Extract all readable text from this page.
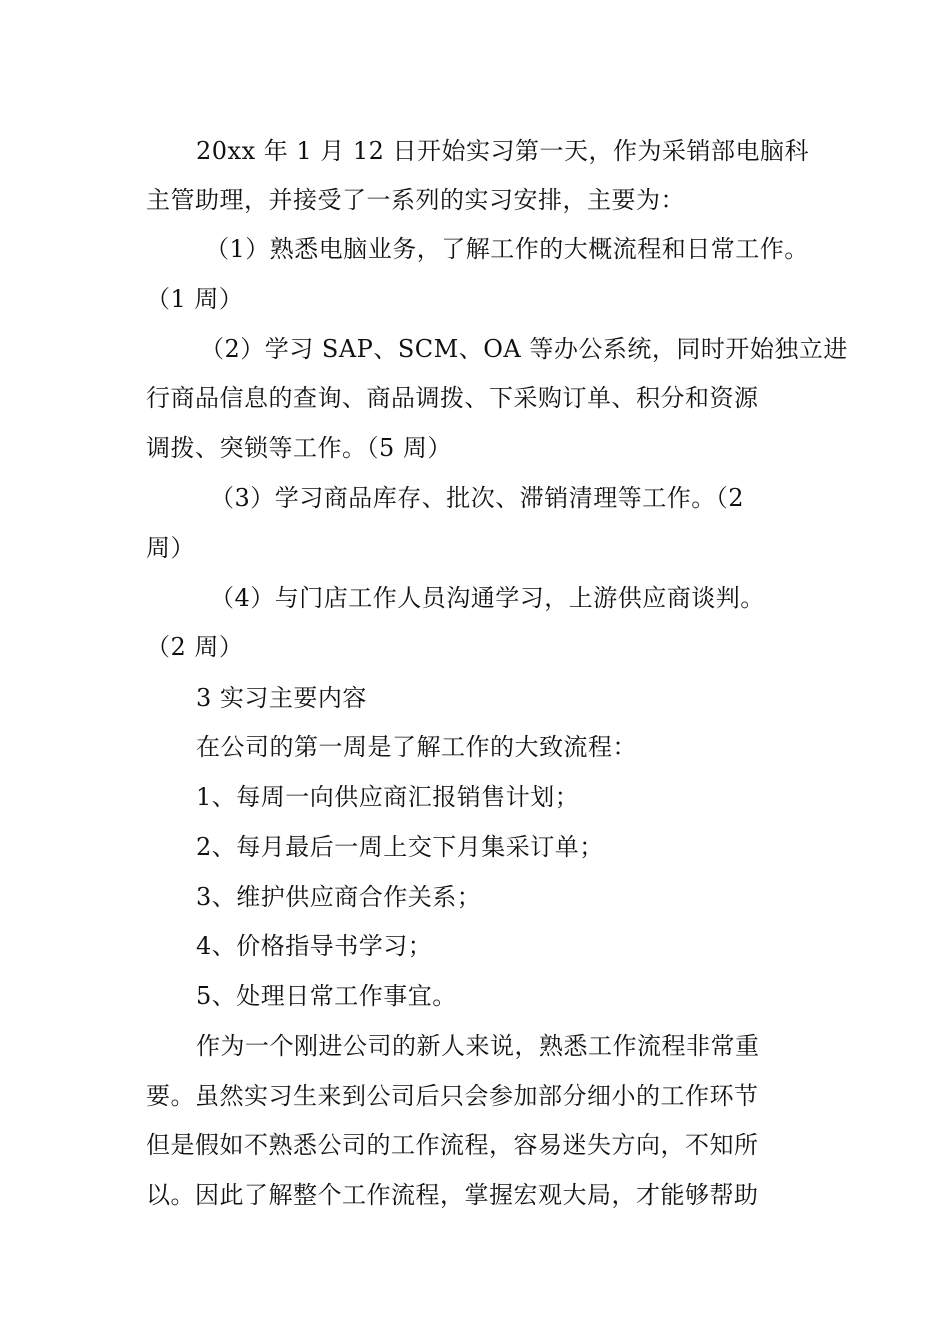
20xx 年 1 月 12 日开始实习第一天，作为采销部电脑科
主管助理，并接受了一系列的实习安排，主要为：
（1）熟悉电脑业务，了解工作的大概流程和日常工作。
（1 周）
（2）学习 SAP、SCM、OA 等办公系统，同时开始独立进
行商品信息的查询、商品调拨、下采购订单、积分和资源
调拨、突锁等工作。（5 周）
（3）学习商品库存、批次、滞销清理等工作。（2
周）
（4）与门店工作人员沟通学习，上游供应商谈判。
（2 周）
3 实习主要内容
在公司的第一周是了解工作的大致流程：
1、每周一向供应商汇报销售计划；
2、每月最后一周上交下月集采订单；
3、维护供应商合作关系；
4、价格指导书学习；
5、处理日常工作事宜。
作为一个刚进公司的新人来说，熟悉工作流程非常重
要。虽然实习生来到公司后只会参加部分细小的工作环节
但是假如不熟悉公司的工作流程，容易迷失方向，不知所
以。因此了解整个工作流程，掌握宏观大局，才能够帮助
